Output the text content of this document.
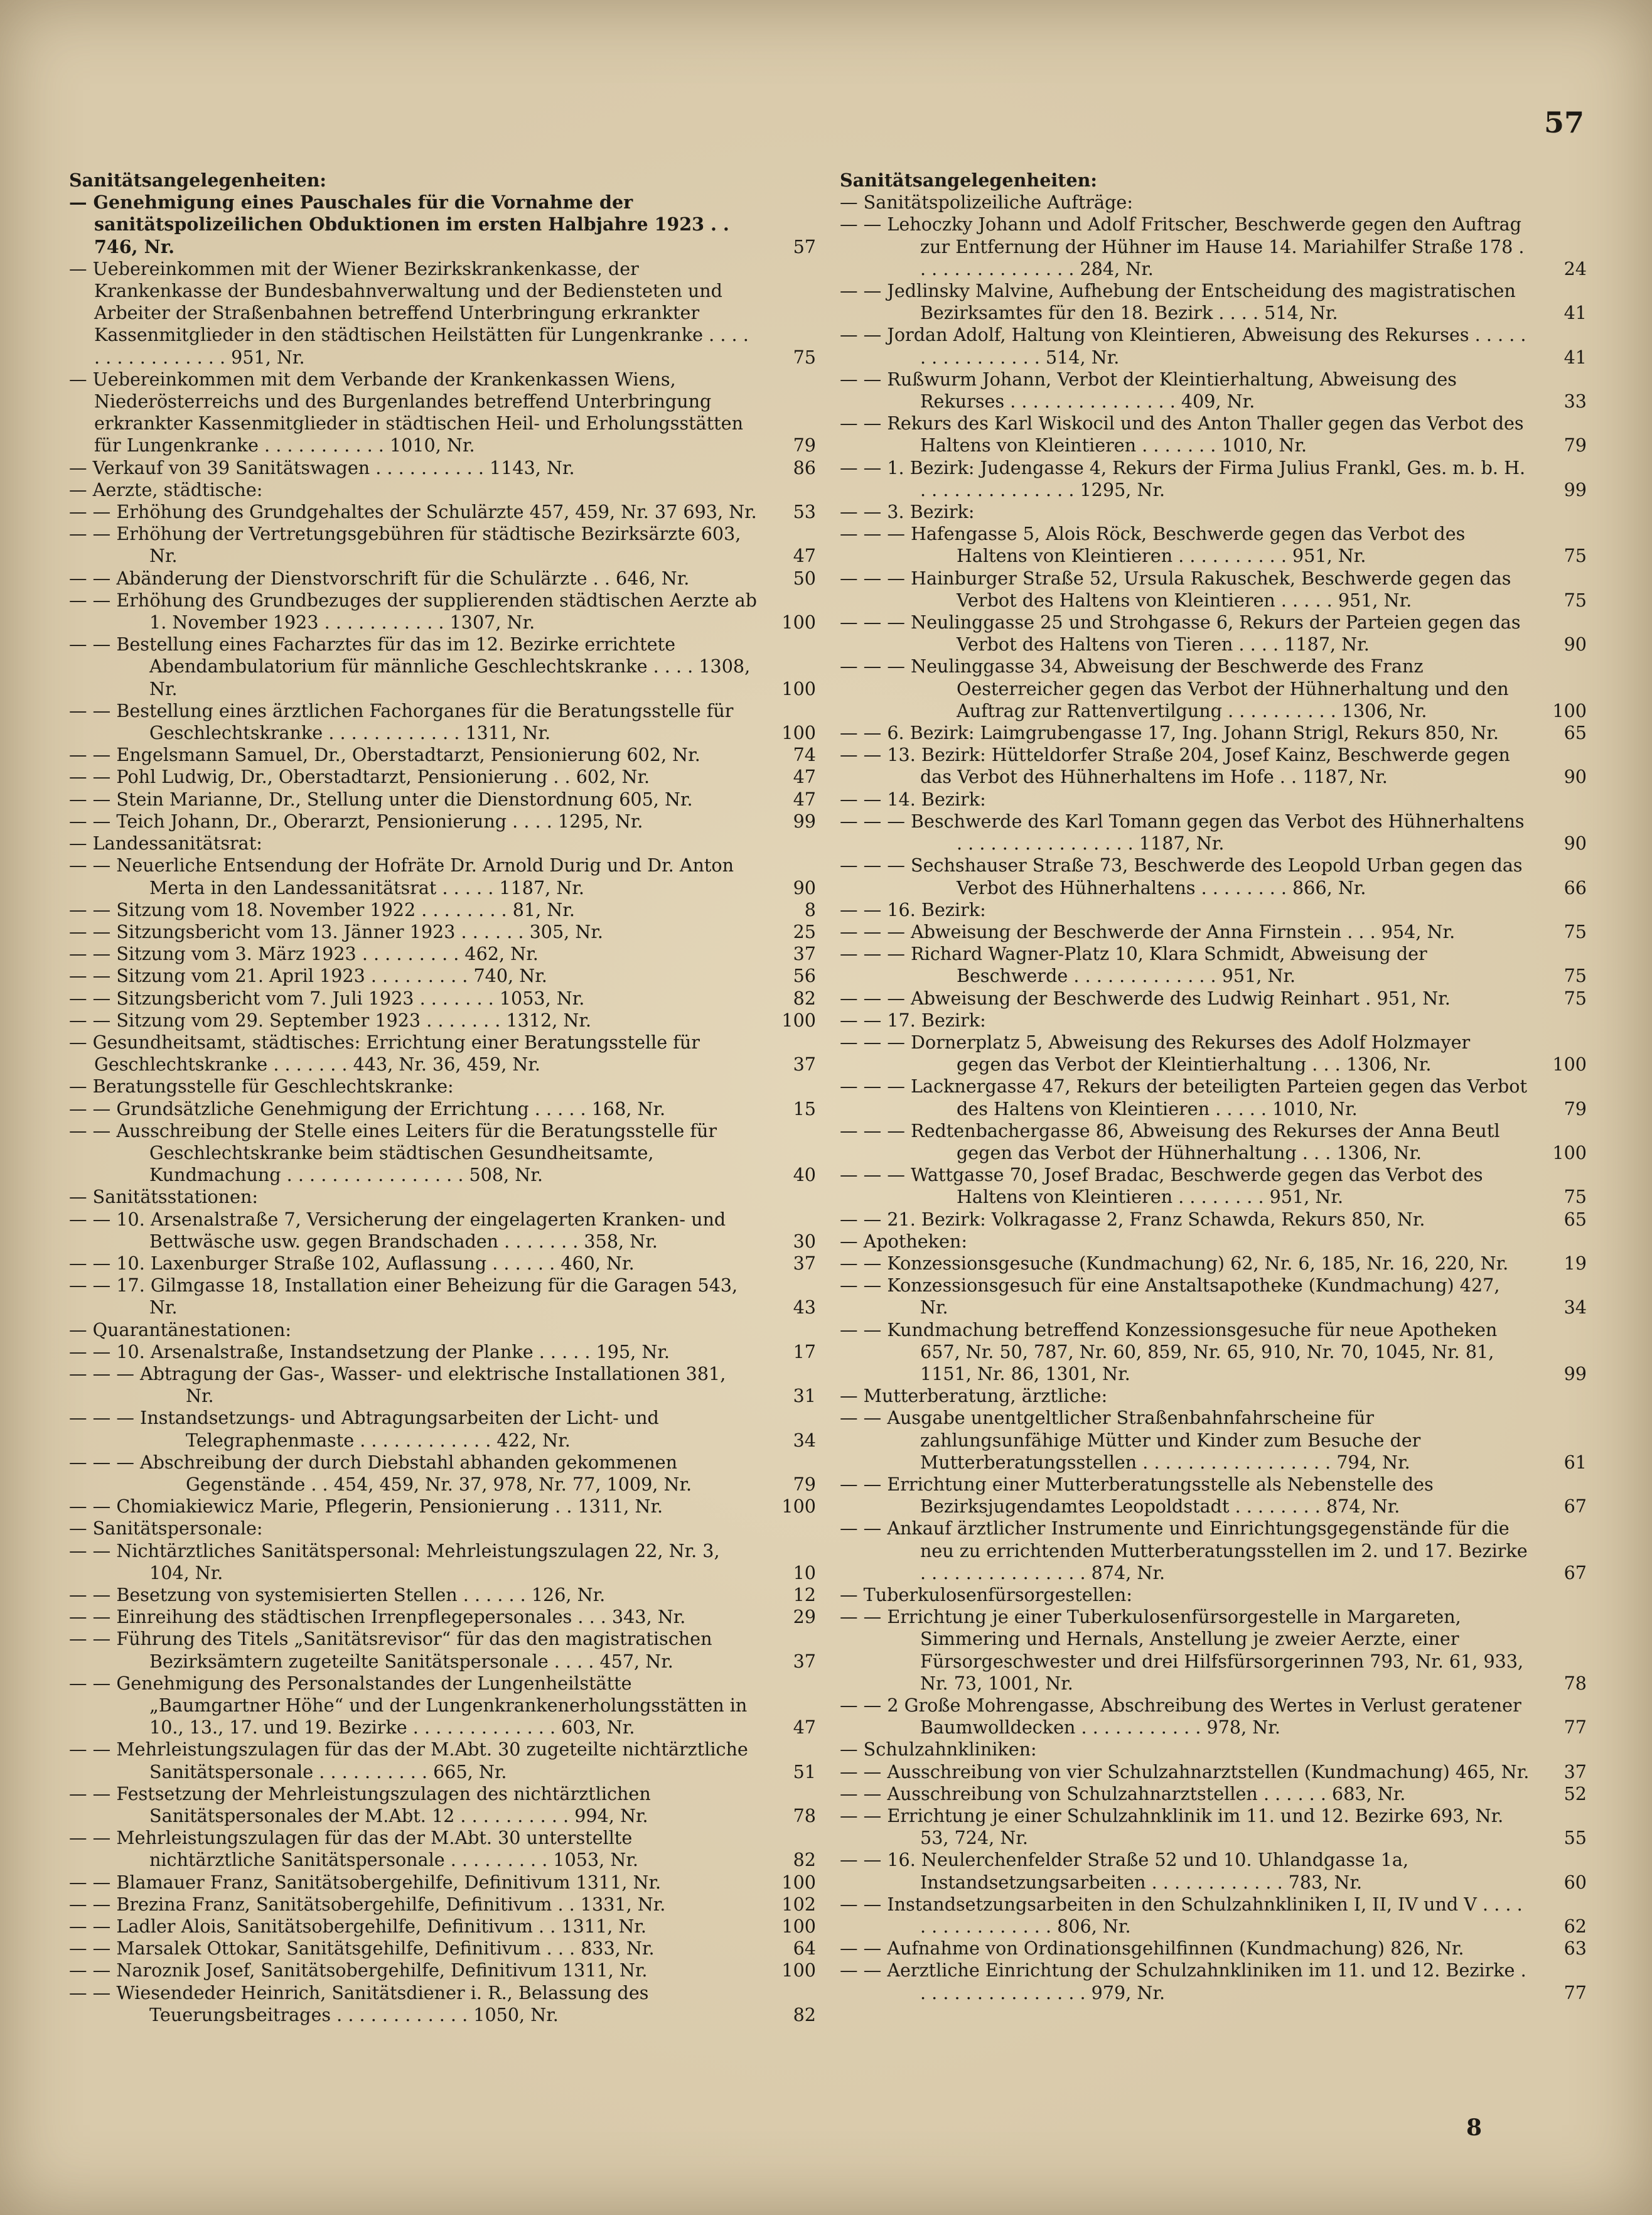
57
Sanitätsangelegenheiten:
— Genehmigung eines Pauschales für die Vornahme der sanitätspolizeilichen Obduktionen im ersten Halbjahre 1923 . . 746, Nr.	57
— Uebereinkommen mit der Wiener Bezirkskrankenkasse, der Krankenkasse der Bundesbahnverwaltung und der Bediensteten und Arbeiter der Straßenbahnen betreffend Unterbringung erkrankter Kassenmitglieder in den städtischen Heilstätten für Lungenkranke . . . . . . . . . . . . . . . . 951, Nr.	75
— Uebereinkommen mit dem Verbande der Krankenkassen Wiens, Niederösterreichs und des Burgenlandes betreffend Unterbringung erkrankter Kassenmitglieder in städtischen Heil- und Erholungsstätten für Lungenkranke . . . . . . . . . . . 1010, Nr.	79
— Verkauf von 39 Sanitätswagen . . . . . . . . . . 1143, Nr.	86
— Aerzte, städtische:
— — Erhöhung des Grundgehaltes der Schulärzte 457, 459, Nr. 37 693, Nr.	53
— — Erhöhung der Vertretungsgebühren für städtische Bezirksärzte 603, Nr.	47
— — Abänderung der Dienstvorschrift für die Schulärzte . . 646, Nr.	50
— — Erhöhung des Grundbezuges der supplierenden städtischen Aerzte ab 1. November 1923 . . . . . . . . . . . 1307, Nr.	100
— — Bestellung eines Facharztes für das im 12. Bezirke errichtete Abendambulatorium für männliche Geschlechtskranke . . . . 1308, Nr.	100
— — Bestellung eines ärztlichen Fachorganes für die Beratungsstelle für Geschlechtskranke . . . . . . . . . . . . 1311, Nr.	100
— — Engelsmann Samuel, Dr., Oberstadtarzt, Pensionierung 602, Nr.	74
— — Pohl Ludwig, Dr., Oberstadtarzt, Pensionierung . . 602, Nr.	47
— — Stein Marianne, Dr., Stellung unter die Dienstordnung 605, Nr.	47
— — Teich Johann, Dr., Oberarzt, Pensionierung . . . . 1295, Nr.	99
— Landessanitätsrat:
— — Neuerliche Entsendung der Hofräte Dr. Arnold Durig und Dr. Anton Merta in den Landessanitätsrat . . . . . 1187, Nr.	90
— — Sitzung vom 18. November 1922 . . . . . . . . 81, Nr.	8
— — Sitzungsbericht vom 13. Jänner 1923 . . . . . . 305, Nr.	25
— — Sitzung vom 3. März 1923 . . . . . . . . . 462, Nr.	37
— — Sitzung vom 21. April 1923 . . . . . . . . . 740, Nr.	56
— — Sitzungsbericht vom 7. Juli 1923 . . . . . . . 1053, Nr.	82
— — Sitzung vom 29. September 1923 . . . . . . . 1312, Nr.	100
— Gesundheitsamt, städtisches: Errichtung einer Beratungsstelle für Geschlechtskranke . . . . . . . 443, Nr. 36, 459, Nr.	37
— Beratungsstelle für Geschlechtskranke:
— — Grundsätzliche Genehmigung der Errichtung . . . . . 168, Nr.	15
— — Ausschreibung der Stelle eines Leiters für die Beratungsstelle für Geschlechtskranke beim städtischen Gesundheitsamte, Kundmachung . . . . . . . . . . . . . . . . 508, Nr.	40
— Sanitätsstationen:
— — 10. Arsenalstraße 7, Versicherung der eingelagerten Kranken- und Bettwäsche usw. gegen Brandschaden . . . . . . . 358, Nr.	30
— — 10. Laxenburger Straße 102, Auflassung . . . . . . 460, Nr.	37
— — 17. Gilmgasse 18, Installation einer Beheizung für die Garagen 543, Nr.	43
— Quarantänestationen:
— — 10. Arsenalstraße, Instandsetzung der Planke . . . . . 195, Nr.	17
— — — Abtragung der Gas-, Wasser- und elektrische Installationen 381, Nr.	31
— — — Instandsetzungs- und Abtragungsarbeiten der Licht- und Telegraphenmaste . . . . . . . . . . . . 422, Nr.	34
— — — Abschreibung der durch Diebstahl abhanden gekommenen Gegenstände . . 454, 459, Nr. 37, 978, Nr. 77, 1009, Nr.	79
— — Chomiakiewicz Marie, Pflegerin, Pensionierung . . 1311, Nr.	100
— Sanitätspersonale:
— — Nichtärztliches Sanitätspersonal: Mehrleistungszulagen 22, Nr. 3, 104, Nr.	10
— — Besetzung von systemisierten Stellen . . . . . . 126, Nr.	12
— — Einreihung des städtischen Irrenpflegepersonales . . . 343, Nr.	29
— — Führung des Titels „Sanitätsrevisor“ für das den magistratischen Bezirksämtern zugeteilte Sanitätspersonale . . . . 457, Nr.	37
— — Genehmigung des Personalstandes der Lungenheilstätte „Baumgartner Höhe“ und der Lungenkrankenerholungsstätten in 10., 13., 17. und 19. Bezirke . . . . . . . . . . . . . 603, Nr.	47
— — Mehrleistungszulagen für das der M.Abt. 30 zugeteilte nichtärztliche Sanitätspersonale . . . . . . . . . . 665, Nr.	51
— — Festsetzung der Mehrleistungszulagen des nichtärztlichen Sanitätspersonales der M.Abt. 12 . . . . . . . . . . 994, Nr.	78
— — Mehrleistungszulagen für das der M.Abt. 30 unterstellte nichtärztliche Sanitätspersonale . . . . . . . . . 1053, Nr.	82
— — Blamauer Franz, Sanitätsobergehilfe, Definitivum 1311, Nr.	100
— — Brezina Franz, Sanitätsobergehilfe, Definitivum . . 1331, Nr.	102
— — Ladler Alois, Sanitätsobergehilfe, Definitivum . . 1311, Nr.	100
— — Marsalek Ottokar, Sanitätsgehilfe, Definitivum . . . 833, Nr.	64
— — Naroznik Josef, Sanitätsobergehilfe, Definitivum 1311, Nr.	100
— — Wiesendeder Heinrich, Sanitätsdiener i. R., Belassung des Teuerungsbeitrages . . . . . . . . . . . . 1050, Nr.	82
Sanitätsangelegenheiten:
— Sanitätspolizeiliche Aufträge:
— — Lehoczky Johann und Adolf Fritscher, Beschwerde gegen den Auftrag zur Entfernung der Hühner im Hause 14. Mariahilfer Straße 178 . . . . . . . . . . . . . . . 284, Nr.	24
— — Jedlinsky Malvine, Aufhebung der Entscheidung des magistratischen Bezirksamtes für den 18. Bezirk . . . . 514, Nr.	41
— — Jordan Adolf, Haltung von Kleintieren, Abweisung des Rekurses . . . . . . . . . . . . . . . . 514, Nr.	41
— — Rußwurm Johann, Verbot der Kleintierhaltung, Abweisung des Rekurses . . . . . . . . . . . . . . . 409, Nr.	33
— — Rekurs des Karl Wiskocil und des Anton Thaller gegen das Verbot des Haltens von Kleintieren . . . . . . . 1010, Nr.	79
— — 1. Bezirk: Judengasse 4, Rekurs der Firma Julius Frankl, Ges. m. b. H. . . . . . . . . . . . . . . 1295, Nr.	99
— — 3. Bezirk:
— — — Hafengasse 5, Alois Röck, Beschwerde gegen das Verbot des Haltens von Kleintieren . . . . . . . . . . 951, Nr.	75
— — — Hainburger Straße 52, Ursula Rakuschek, Beschwerde gegen das Verbot des Haltens von Kleintieren . . . . . 951, Nr.	75
— — — Neulinggasse 25 und Strohgasse 6, Rekurs der Parteien gegen das Verbot des Haltens von Tieren . . . . 1187, Nr.	90
— — — Neulinggasse 34, Abweisung der Beschwerde des Franz Oesterreicher gegen das Verbot der Hühnerhaltung und den Auftrag zur Rattenvertilgung . . . . . . . . . . 1306, Nr.	100
— — 6. Bezirk: Laimgrubengasse 17, Ing. Johann Strigl, Rekurs 850, Nr.	65
— — 13. Bezirk: Hütteldorfer Straße 204, Josef Kainz, Beschwerde gegen das Verbot des Hühnerhaltens im Hofe . . 1187, Nr.	90
— — 14. Bezirk:
— — — Beschwerde des Karl Tomann gegen das Verbot des Hühnerhaltens . . . . . . . . . . . . . . . . 1187, Nr.	90
— — — Sechshauser Straße 73, Beschwerde des Leopold Urban gegen das Verbot des Hühnerhaltens . . . . . . . . 866, Nr.	66
— — 16. Bezirk:
— — — Abweisung der Beschwerde der Anna Firnstein . . . 954, Nr.	75
— — — Richard Wagner-Platz 10, Klara Schmidt, Abweisung der Beschwerde . . . . . . . . . . . . . 951, Nr.	75
— — — Abweisung der Beschwerde des Ludwig Reinhart . 951, Nr.	75
— — 17. Bezirk:
— — — Dornerplatz 5, Abweisung des Rekurses des Adolf Holzmayer gegen das Verbot der Kleintierhaltung . . . 1306, Nr.	100
— — — Lacknergasse 47, Rekurs der beteiligten Parteien gegen das Verbot des Haltens von Kleintieren . . . . . 1010, Nr.	79
— — — Redtenbachergasse 86, Abweisung des Rekurses der Anna Beutl gegen das Verbot der Hühnerhaltung . . . 1306, Nr.	100
— — — Wattgasse 70, Josef Bradac, Beschwerde gegen das Verbot des Haltens von Kleintieren . . . . . . . . 951, Nr.	75
— — 21. Bezirk: Volkragasse 2, Franz Schawda, Rekurs 850, Nr.	65
— Apotheken:
— — Konzessionsgesuche (Kundmachung) 62, Nr. 6, 185, Nr. 16, 220, Nr.	19
— — Konzessionsgesuch für eine Anstaltsapotheke (Kundmachung) 427, Nr.	34
— — Kundmachung betreffend Konzessionsgesuche für neue Apotheken 657, Nr. 50, 787, Nr. 60, 859, Nr. 65, 910, Nr. 70, 1045, Nr. 81, 1151, Nr. 86, 1301, Nr.	99
— Mutterberatung, ärztliche:
— — Ausgabe unentgeltlicher Straßenbahnfahrscheine für zahlungsunfähige Mütter und Kinder zum Besuche der Mutterberatungsstellen . . . . . . . . . . . . . . . . . 794, Nr.	61
— — Errichtung einer Mutterberatungsstelle als Nebenstelle des Bezirksjugendamtes Leopoldstadt . . . . . . . . 874, Nr.	67
— — Ankauf ärztlicher Instrumente und Einrichtungsgegenstände für die neu zu errichtenden Mutterberatungsstellen im 2. und 17. Bezirke . . . . . . . . . . . . . . . 874, Nr.	67
— Tuberkulosenfürsorgestellen:
— — Errichtung je einer Tuberkulosenfürsorgestelle in Margareten, Simmering und Hernals, Anstellung je zweier Aerzte, einer Fürsorgeschwester und drei Hilfsfürsorgerinnen 793, Nr. 61, 933, Nr. 73, 1001, Nr.	78
— — 2 Große Mohrengasse, Abschreibung des Wertes in Verlust geratener Baumwolldecken . . . . . . . . . . . 978, Nr.	77
— Schulzahnkliniken:
— — Ausschreibung von vier Schulzahnarztstellen (Kundmachung) 465, Nr.	37
— — Ausschreibung von Schulzahnarztstellen . . . . . . 683, Nr.	52
— — Errichtung je einer Schulzahnklinik im 11. und 12. Bezirke 693, Nr. 53, 724, Nr.	55
— — 16. Neulerchenfelder Straße 52 und 10. Uhlandgasse 1a, Instandsetzungsarbeiten . . . . . . . . . . . . 783, Nr.	60
— — Instandsetzungsarbeiten in den Schulzahnkliniken I, II, IV und V . . . . . . . . . . . . . . . . 806, Nr.	62
— — Aufnahme von Ordinationsgehilfinnen (Kundmachung) 826, Nr.	63
— — Aerztliche Einrichtung der Schulzahnkliniken im 11. und 12. Bezirke . . . . . . . . . . . . . . . . 979, Nr.	77
8
